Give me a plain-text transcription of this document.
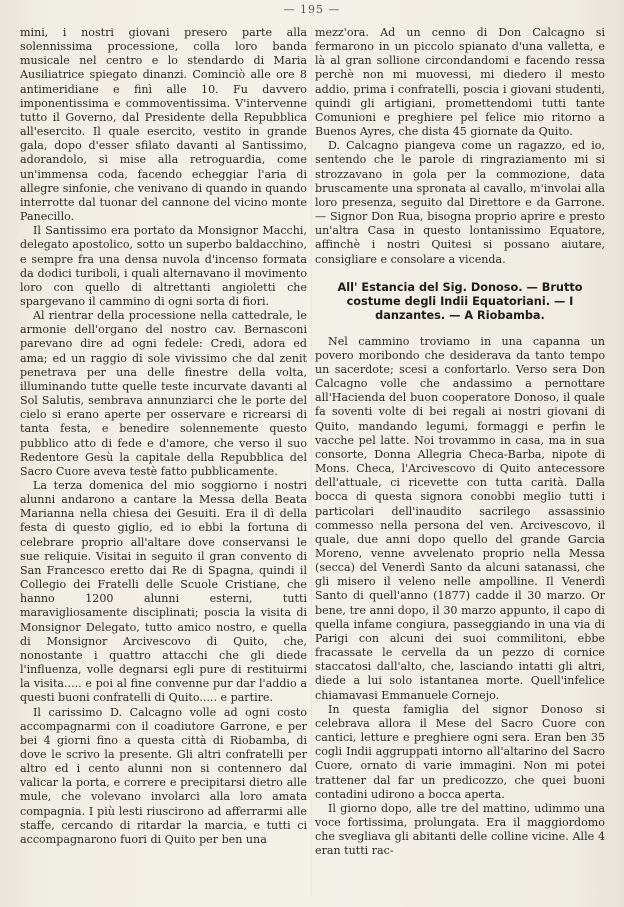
— 195 —

mini, i nostri giovani presero parte alla solennissima processione, colla loro banda musicale nel centro e lo stendardo di Maria Ausiliatrice spiegato dinanzi. Cominciò alle ore 8 antimeridiane e finì alle 10. Fu davvero imponentissima e commoventissima. V'intervenne tutto il Governo, dal Presidente della Repubblica all'esercito. Il quale esercito, vestito in grande gala, dopo d'esser sfilato davanti al Santissimo, adorandolo, si mise alla retroguardia, come un'immensa coda, facendo echeggiar l'aria di allegre sinfonie, che venivano di quando in quando interrotte dal tuonar del cannone del vicino monte Panecillo.

Il Santissimo era portato da Monsignor Macchi, delegato apostolico, sotto un superbo baldacchino, e sempre fra una densa nuvola d'incenso formata da dodici turiboli, i quali alternavano il movimento loro con quello di altrettanti angioletti che spargevano il cammino di ogni sorta di fiori.

Al rientrar della processione nella cattedrale, le armonie dell'organo del nostro cav. Bernasconi parevano dire ad ogni fedele: Credi, adora ed ama; ed un raggio di sole vivissimo che dal zenit penetrava per una delle finestre della volta, illuminando tutte quelle teste incurvate davanti al Sol Salutis, sembrava annunziarci che le porte del cielo si erano aperte per osservare e ricrearsi di tanta festa, e benedire solennemente questo pubblico atto di fede e d'amore, che verso il suo Redentore Gesù la capitale della Repubblica del Sacro Cuore aveva testè fatto pubblicamente.

La terza domenica del mio soggiorno i nostri alunni andarono a cantare la Messa della Beata Marianna nella chiesa dei Gesuiti. Era il dì della festa di questo giglio, ed io ebbi la fortuna di celebrare proprio all'altare dove conservansi le sue reliquie. Visitai in seguito il gran convento di San Francesco eretto dai Re di Spagna, quindi il Collegio dei Fratelli delle Scuole Cristiane, che hanno 1200 alunni esterni, tutti maravigliosamente disciplinati; poscia la visita di Monsignor Delegato, tutto amico nostro, e quella di Monsignor Arcivescovo di Quito, che, nonostante i quattro attacchi che gli diede l'influenza, volle degnarsi egli pure di restituirmi la visita..... e poi al fine convenne pur dar l'addio a questi buoni confratelli di Quito..... e partire.

Il carissimo D. Calcagno volle ad ogni costo accompagnarmi con il coadiutore Garrone, e per bei 4 giorni fino a questa città di Riobamba, di dove le scrivo la presente. Gli altri confratelli per altro ed i cento alunni non si contennero dal valicar la porta, e correre e precipitarsi dietro alle mule, che volevano involarci alla loro amata compagnia. I più lesti riuscirono ad afferrarmi alle staffe, cercando di ritardar la marcia, e tutti ci accompagnarono fuori di Quito per ben una

mezz'ora. Ad un cenno di Don Calcagno si fermarono in un piccolo spianato d'una valletta, e là al gran sollione circondandomi e facendo ressa perchè non mi muovessi, mi diedero il mesto addio, prima i confratelli, poscia i giovani studenti, quindi gli artigiani, promettendomi tutti tante Comunioni e preghiere pel felice mio ritorno a Buenos Ayres, che dista 45 giornate da Quito.

D. Calcagno piangeva come un ragazzo, ed io, sentendo che le parole di ringraziamento mi si strozzavano in gola per la commozione, data bruscamente una spronata al cavallo, m'involai alla loro presenza, seguito dal Direttore e da Garrone. — Signor Don Rua, bisogna proprio aprire e presto un'altra Casa in questo lontanissimo Equatore, affinchè i nostri Quitesi si possano aiutare, consigliare e consolare a vicenda.

All' Estancia del Sig. Donoso. — Brutto costume degli Indii Equatoriani. — I danzantes. — A Riobamba.

Nel cammino troviamo in una capanna un povero moribondo che desiderava da tanto tempo un sacerdote; scesi a confortarlo. Verso sera Don Calcagno volle che andassimo a pernottare all'Hacienda del buon cooperatore Donoso, il quale fa soventi volte di bei regali ai nostri giovani di Quito, mandando legumi, formaggi e perfin le vacche pel latte. Noi trovammo in casa, ma in sua consorte, Donna Allegria Checa-Barba, nipote di Mons. Checa, l'Arcivescovo di Quito antecessore dell'attuale, ci ricevette con tutta carità. Dalla bocca di questa signora conobbi meglio tutti i particolari dell'inaudito sacrilego assassinio commesso nella persona del ven. Arcivescovo, il quale, due anni dopo quello del grande Garcia Moreno, venne avvelenato proprio nella Messa (secca) del Venerdì Santo da alcuni satanassi, che gli misero il veleno nelle ampolline. Il Venerdì Santo di quell'anno (1877) cadde il 30 marzo. Or bene, tre anni dopo, il 30 marzo appunto, il capo di quella infame congiura, passeggiando in una via di Parigi con alcuni dei suoi commilitoni, ebbe fracassate le cervella da un pezzo di cornice staccatosi dall'alto, che, lasciando intatti gli altri, diede a lui solo istantanea morte. Quell'infelice chiamavasi Emmanuele Cornejo.

In questa famiglia del signor Donoso si celebrava allora il Mese del Sacro Cuore con cantici, letture e preghiere ogni sera. Eran ben 35 cogli Indii aggruppati intorno all'altarino del Sacro Cuore, ornato di varie immagini. Non mi potei trattener dal far un predicozzo, che quei buoni contadini udirono a bocca aperta.

Il giorno dopo, alle tre del mattino, udimmo una voce fortissima, prolungata. Era il maggiordomo che svegliava gli abitanti delle colline vicine. Alle 4 eran tutti rac-
